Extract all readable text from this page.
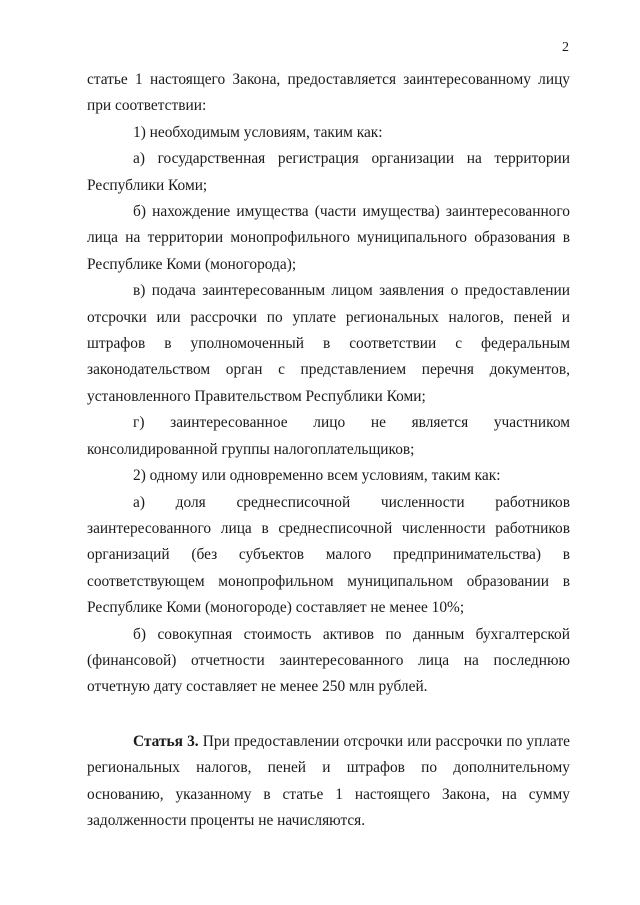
2

статье 1 настоящего Закона, предоставляется заинтересованному лицу при соответствии:

1) необходимым условиям, таким как:

а) государственная регистрация организации на территории Республики Коми;

б) нахождение имущества (части имущества) заинтересованного лица на территории монопрофильного муниципального образования в Республике Коми (моногорода);

в) подача заинтересованным лицом заявления о предоставлении отсрочки или рассрочки по уплате региональных налогов, пеней и штрафов в уполномоченный в соответствии с федеральным законодательством орган с представлением перечня документов, установленного Правительством Республики Коми;

г) заинтересованное лицо не является участником консолидированной группы налогоплательщиков;

2) одному или одновременно всем условиям, таким как:

а) доля среднесписочной численности работников заинтересованного лица в среднесписочной численности работников организаций (без субъектов малого предпринимательства) в соответствующем монопрофильном муниципальном образовании в Республике Коми (моногороде) составляет не менее 10%;

б) совокупная стоимость активов по данным бухгалтерской (финансовой) отчетности заинтересованного лица на последнюю отчетную дату составляет не менее 250 млн рублей.

Статья 3. При предоставлении отсрочки или рассрочки по уплате региональных налогов, пеней и штрафов по дополнительному основанию, указанному в статье 1 настоящего Закона, на сумму задолженности проценты не начисляются.
